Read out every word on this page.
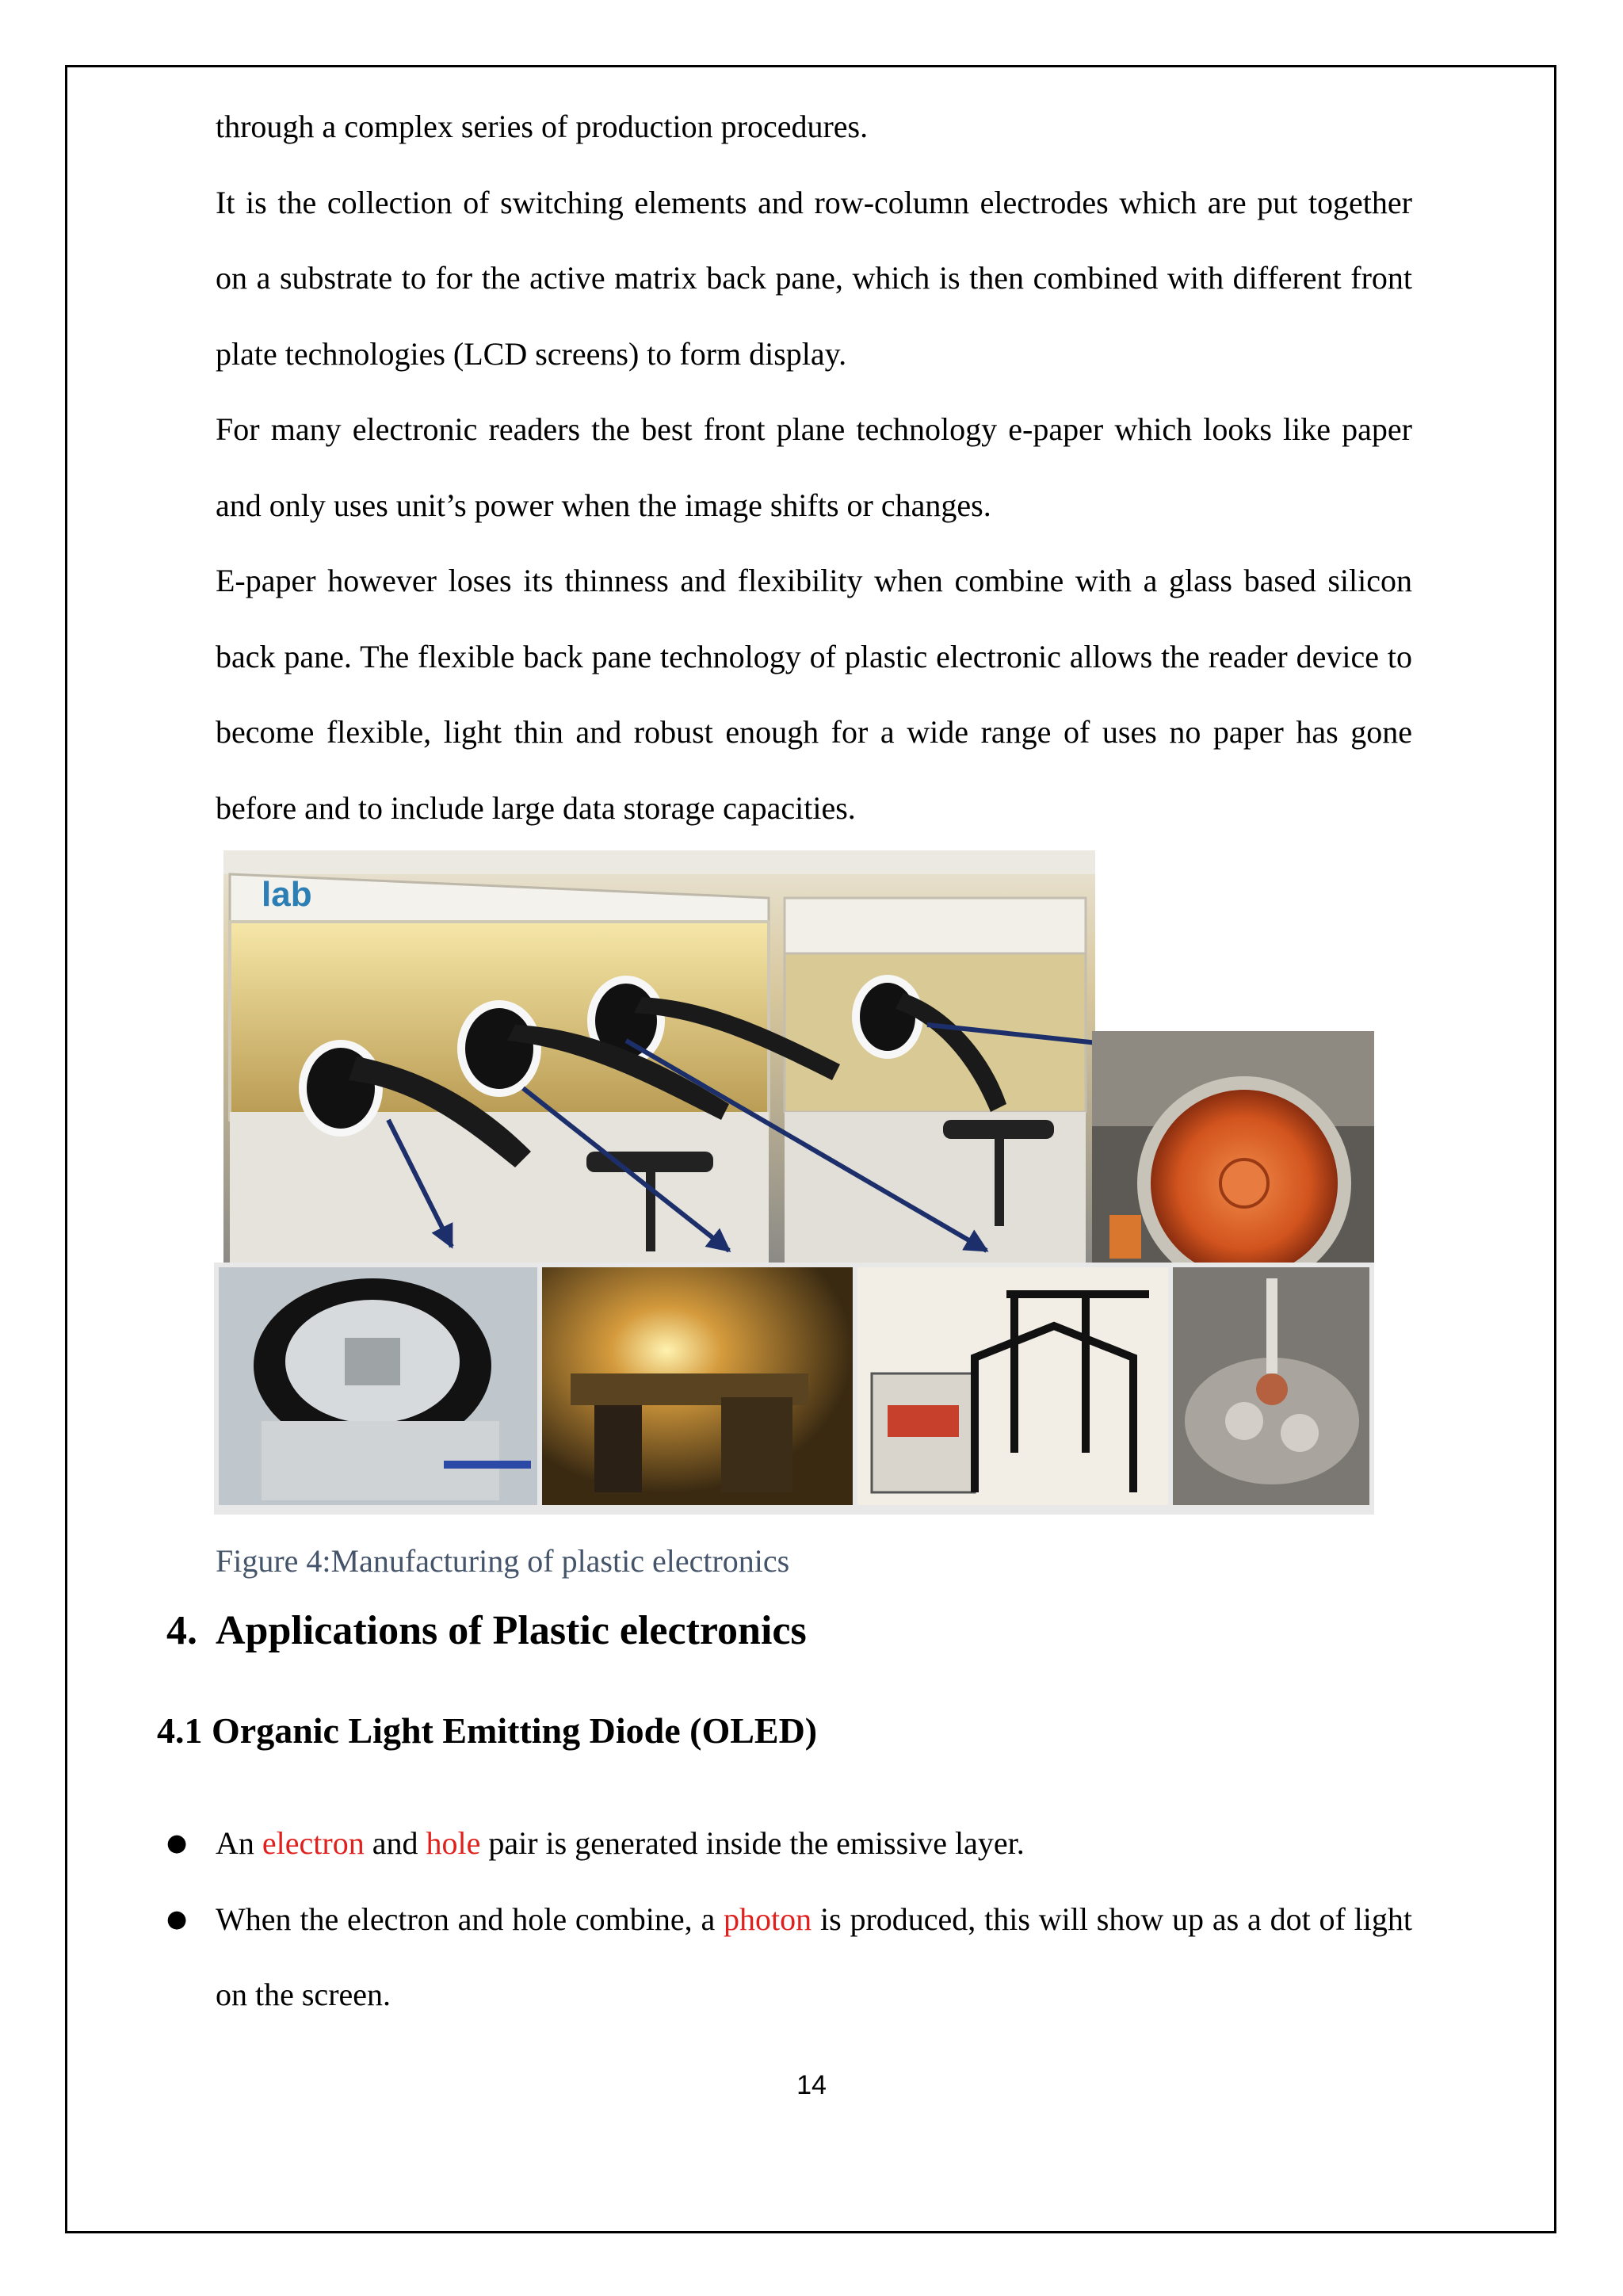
through a complex series of production procedures.

It is the collection of switching elements and row-column electrodes which are put together on a substrate to for the active matrix back pane, which is then combined with different front plate technologies (LCD screens) to form display.

For many electronic readers the best front plane technology e-paper which looks like paper and only uses unit’s power when the image shifts or changes.

E-paper however loses its thinness and flexibility when combine with a glass based silicon back pane. The flexible back pane technology of plastic electronic allows the reader device to become flexible, light thin and robust enough for a wide range of uses no paper has gone before and to include large data storage capacities.

lab
Figure 4:Manufacturing of plastic electronics
4. Applications of Plastic electronics
4.1 Organic Light Emitting Diode (OLED)
● An electron and hole pair is generated inside the emissive layer.
● When the electron and hole combine, a photon is produced, this will show up as a dot of light on the screen.
14
